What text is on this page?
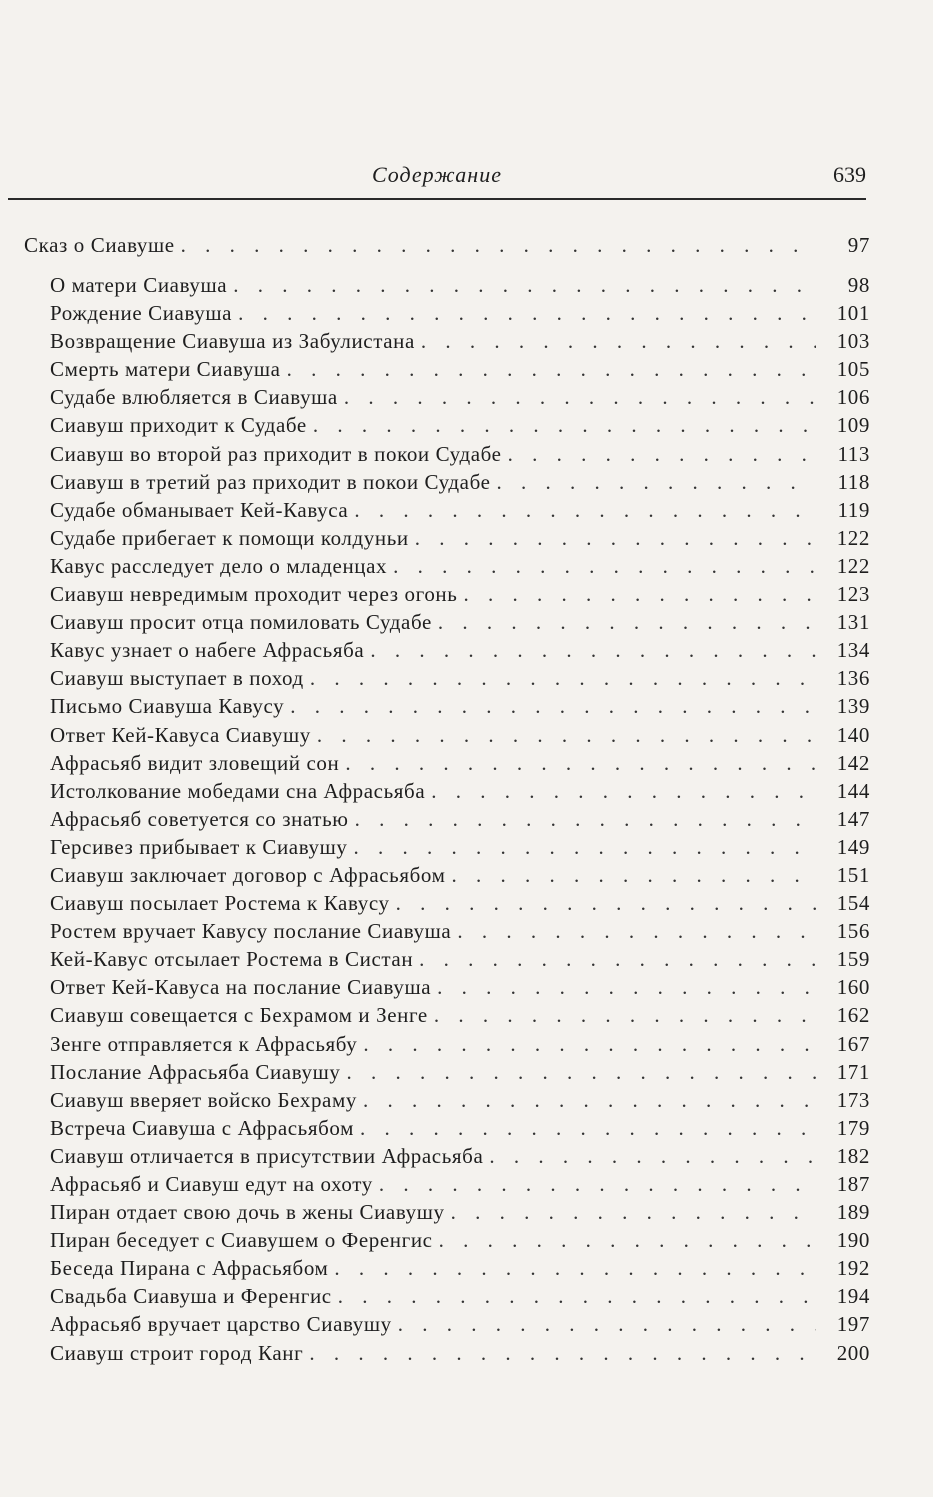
Содержание	639
Сказ о Сиавуше . . .	97
О матери Сиавуша . . .	98
Рождение Сиавуша . . .	101
Возвращение Сиавуша из Забулистана . . .	103
Смерть матери Сиавуша . . .	105
Судабе влюбляется в Сиавуша . . .	106
Сиавуш приходит к Судабе . . .	109
Сиавуш во второй раз приходит в покои Судабе . . .	113
Сиавуш в третий раз приходит в покои Судабе . . .	118
Судабе обманывает Кей-Кавуса . . .	119
Судабе прибегает к помощи колдуньи . . .	122
Кавус расследует дело о младенцах . . .	122
Сиавуш невредимым проходит через огонь . . .	123
Сиавуш просит отца помиловать Судабе . . .	131
Кавус узнает о набеге Афрасьяба . . .	134
Сиавуш выступает в поход . . .	136
Письмо Сиавуша Кавусу . . .	139
Ответ Кей-Кавуса Сиавушу . . .	140
Афрасьяб видит зловещий сон . . .	142
Истолкование мобедами сна Афрасьяба . . .	144
Афрасьяб советуется со знатью . . .	147
Герсивез прибывает к Сиавушу . . .	149
Сиавуш заключает договор с Афрасьябом . . .	151
Сиавуш посылает Ростема к Кавусу . . .	154
Ростем вручает Кавусу послание Сиавуша . . .	156
Кей-Кавус отсылает Ростема в Систан . . .	159
Ответ Кей-Кавуса на послание Сиавуша . . .	160
Сиавуш совещается с Бехрамом и Зенге . . .	162
Зенге отправляется к Афрасьябу . . .	167
Послание Афрасьяба Сиавушу . . .	171
Сиавуш вверяет войско Бехраму . . .	173
Встреча Сиавуша с Афрасьябом . . .	179
Сиавуш отличается в присутствии Афрасьяба . . .	182
Афрасьяб и Сиавуш едут на охоту . . .	187
Пиран отдает свою дочь в жены Сиавушу . . .	189
Пиран беседует с Сиавушем о Ференгис . . .	190
Беседа Пирана с Афрасьябом . . .	192
Свадьба Сиавуша и Ференгис . . .	194
Афрасьяб вручает царство Сиавушу . . .	197
Сиавуш строит город Канг . . .	200
